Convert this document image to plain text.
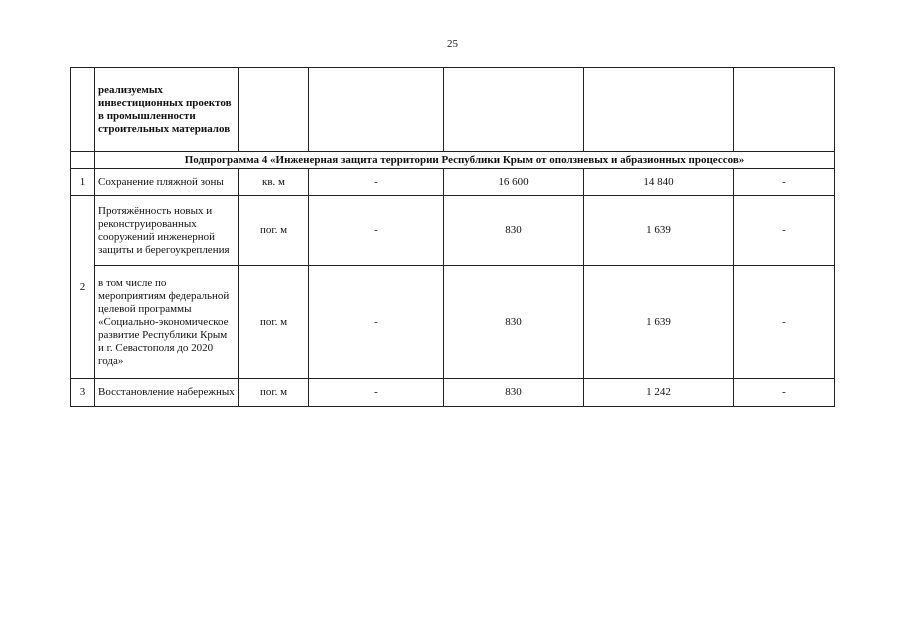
25
	реализуемых инвестиционных проектов в промышленности строительных материалов					
	Подпрограмма 4 «Инженерная защита территории Республики Крым от оползневых и абразионных процессов»					
1	Сохранение пляжной зоны	кв. м	-	16 600	14 840	-
2	Протяжённость новых и реконструированных сооружений инженерной защиты и берегоукрепления	пог. м	-	830	1 639	-
	в том числе по мероприятиям федеральной целевой программы «Социально-экономическое развитие Республики Крым и г. Севастополя до 2020 года»	пог. м	-	830	1 639	-
3	Восстановление набережных	пог. м	-	830	1 242	-
